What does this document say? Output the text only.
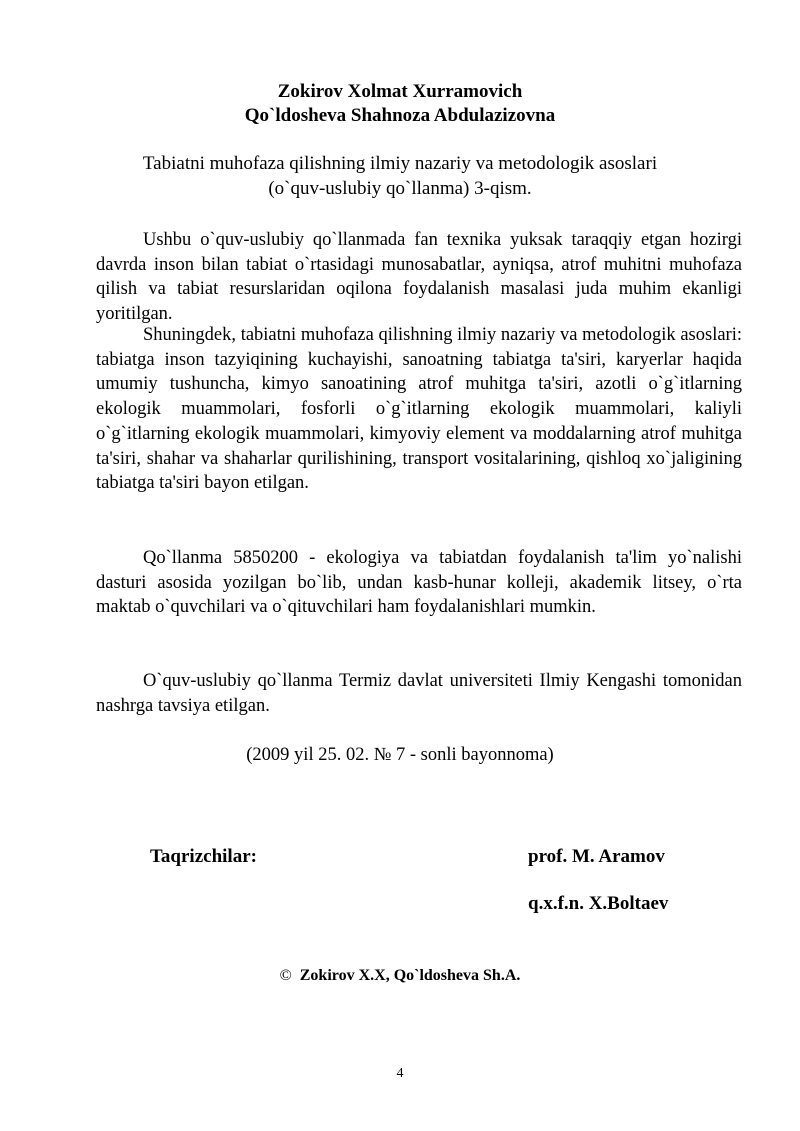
Zokirov Xolmat Xurramovich
Qo`ldosheva Shahnoza Abdulazizovna
Tabiatni muhofaza qilishning ilmiy nazariy va metodologik asoslari
(o`quv-uslubiy qo`llanma) 3-qism.

Ushbu o`quv-uslubiy qo`llanmada fan texnika yuksak taraqqiy etgan hozirgi davrda inson bilan tabiat o`rtasidagi munosabatlar, ayniqsa, atrof muhitni muhofaza qilish va tabiat resurslaridan oqilona foydalanish masalasi juda muhim ekanligi yoritilgan.

Shuningdek, tabiatni muhofaza qilishning ilmiy nazariy va metodologik asoslari: tabiatga inson tazyiqining kuchayishi, sanoatning tabiatga ta'siri, karyerlar haqida umumiy tushuncha, kimyo sanoatining atrof muhitga ta'siri, azotli o`g`itlarning ekologik muammolari, fosforli o`g`itlarning ekologik muammolari, kaliyli o`g`itlarning ekologik muammolari, kimyoviy element va moddalarning atrof muhitga ta'siri, shahar va shaharlar qurilishining, transport vositalarining, qishloq xo`jaligining tabiatga ta'siri bayon etilgan.

Qo`llanma 5850200 - ekologiya va tabiatdan foydalanish ta'lim yo`nalishi dasturi asosida yozilgan bo`lib, undan kasb-hunar kolleji, akademik litsey, o`rta maktab o`quvchilari va o`qituvchilari ham foydalanishlari mumkin.

O`quv-uslubiy qo`llanma Termiz davlat universiteti Ilmiy Kengashi tomonidan nashrga tavsiya etilgan.

(2009 yil 25. 02. № 7 - sonli bayonnoma)
Taqrizchilar:	prof. M. Aramov
q.x.f.n. X.Boltaev
© Zokirov X.X, Qo`ldosheva Sh.A.
4
